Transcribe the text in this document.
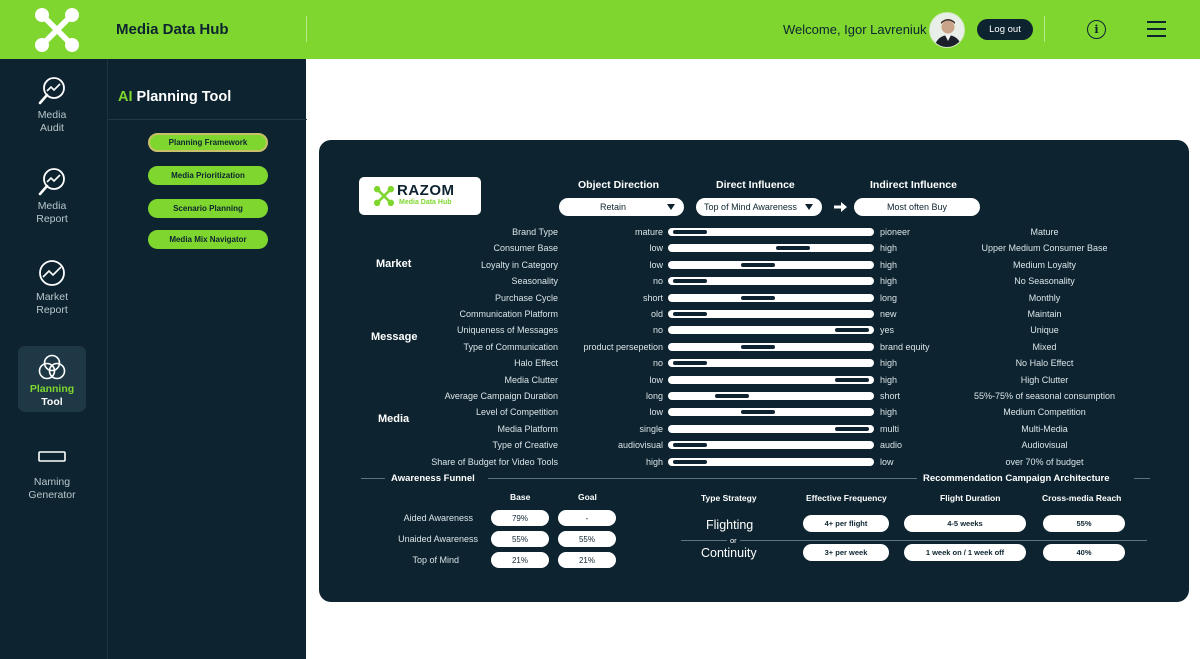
Media Data Hub	Welcome, Igor Lavreniuk	Log out	i
Media
Audit
Media
Report
Market
Report
Planning
Tool
Naming
Generator
AI Planning Tool
Planning Framework
Media Prioritization
Scenario Planning
Media Mix Navigator
RAZOM
Media Data Hub
Object Direction	Direct Influence	Indirect Influence
Retain	Top of Mind Awareness	Most often Buy
Market
Message
Media
Brand Type	mature	pioneer	Mature
Consumer Base	low	high	Upper Medium Consumer Base
Loyalty in Category	low	high	Medium Loyalty
Seasonality	no	high	No Seasonality
Purchase Cycle	short	long	Monthly
Communication Platform	old	new	Maintain
Uniqueness of Messages	no	yes	Unique
Type of Communication	product persepetion	brand equity	Mixed
Halo Effect	no	high	No Halo Effect
Media Clutter	low	high	High Clutter
Average Campaign Duration	long	short	55%-75% of seasonal consumption
Level of Competition	low	high	Medium Competition
Media Platform	single	multi	Multi-Media
Type of Creative	audiovisual	audio	Audiovisual
Share of Budget for Video Tools	high	low	over 70% of budget
Awareness Funnel
Base	Goal
Aided Awareness	79%	-
Unaided Awareness	55%	55%
Top of Mind	21%	21%
Recommendation Campaign Architecture
Type Strategy	Effective Frequency	Flight Duration	Cross-media Reach
Flighting	4+ per flight	4-5 weeks	55%
or
Continuity	3+ per week	1 week on / 1 week off	40%
